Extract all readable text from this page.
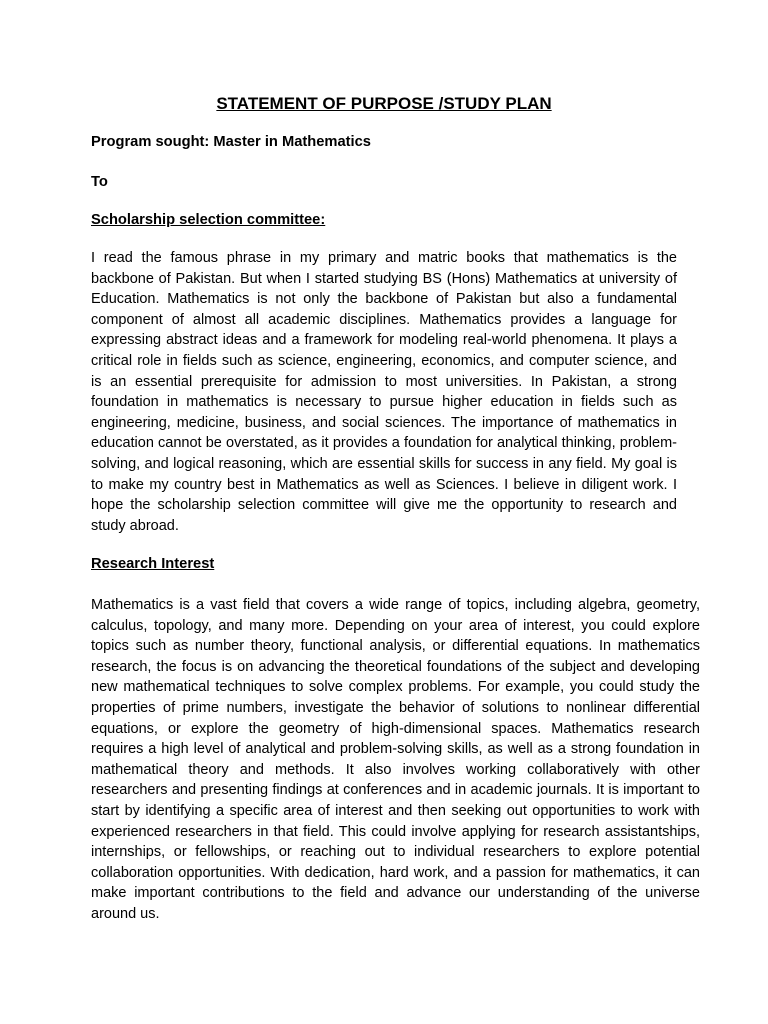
STATEMENT OF PURPOSE /STUDY PLAN

Program sought: Master in Mathematics

To

Scholarship selection committee:

I read the famous phrase in my primary and matric books that mathematics is the backbone of Pakistan. But when I started studying BS (Hons) Mathematics at university of Education. Mathematics is not only the backbone of Pakistan but also a fundamental component of almost all academic disciplines. Mathematics provides a language for expressing abstract ideas and a framework for modeling real-world phenomena. It plays a critical role in fields such as science, engineering, economics, and computer science, and is an essential prerequisite for admission to most universities. In Pakistan, a strong foundation in mathematics is necessary to pursue higher education in fields such as engineering, medicine, business, and social sciences. The importance of mathematics in education cannot be overstated, as it provides a foundation for analytical thinking, problem-solving, and logical reasoning, which are essential skills for success in any field. My goal is to make my country best in Mathematics as well as Sciences. I believe in diligent work. I hope the scholarship selection committee will give me the opportunity to research and study abroad.

Research Interest

Mathematics is a vast field that covers a wide range of topics, including algebra, geometry, calculus, topology, and many more. Depending on your area of interest, you could explore topics such as number theory, functional analysis, or differential equations. In mathematics research, the focus is on advancing the theoretical foundations of the subject and developing new mathematical techniques to solve complex problems. For example, you could study the properties of prime numbers, investigate the behavior of solutions to nonlinear differential equations, or explore the geometry of high-dimensional spaces. Mathematics research requires a high level of analytical and problem-solving skills, as well as a strong foundation in mathematical theory and methods. It also involves working collaboratively with other researchers and presenting findings at conferences and in academic journals. It is important to start by identifying a specific area of interest and then seeking out opportunities to work with experienced researchers in that field. This could involve applying for research assistantships, internships, or fellowships, or reaching out to individual researchers to explore potential collaboration opportunities. With dedication, hard work, and a passion for mathematics, it can make important contributions to the field and advance our understanding of the universe around us.
